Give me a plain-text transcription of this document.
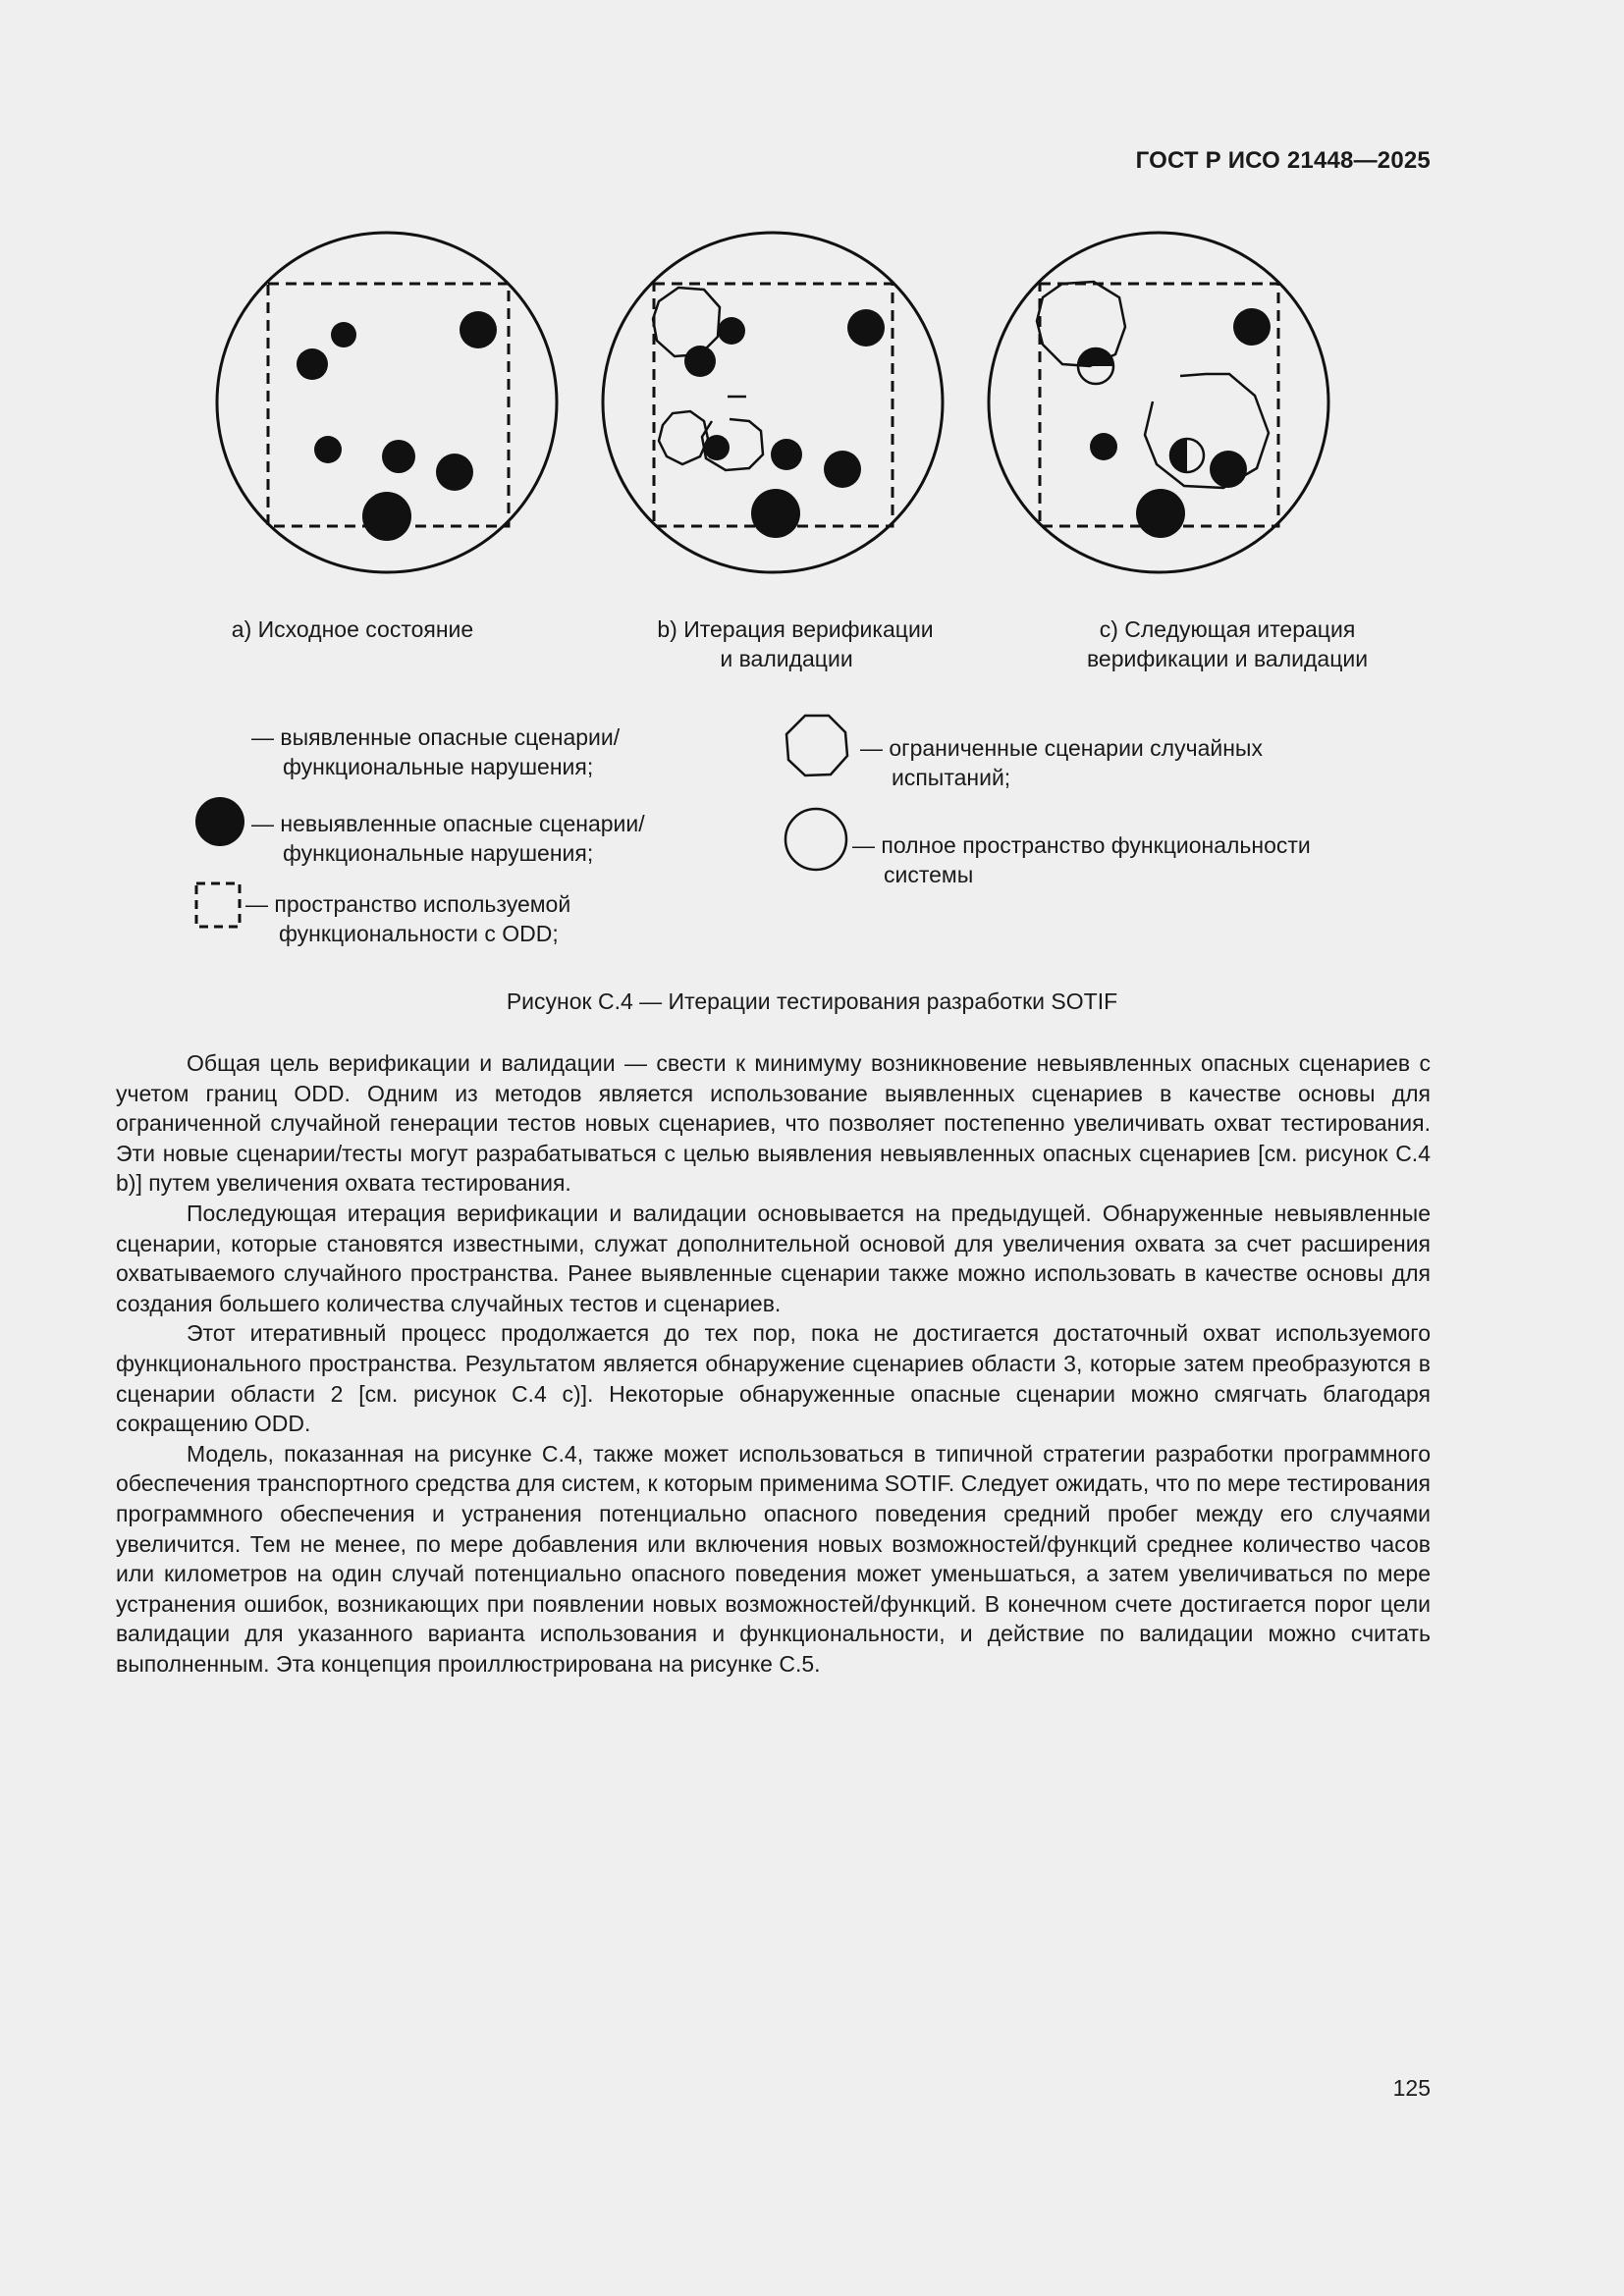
ГОСТ Р ИСО 21448—2025
a) Исходное состояние	b) Итерация верификации
и валидации
c) Следующая итерация
верификации и валидации
— выявленные опасные сценарии/
функциональные нарушения;
— невыявленные опасные сценарии/
функциональные нарушения;
— пространство используемой
функциональности с ODD;
— ограниченные сценарии случайных
испытаний;
— полное пространство функциональности
системы
Рисунок С.4 — Итерации тестирования разработки SOTIF

Общая цель верификации и валидации — свести к минимуму возникновение невыявленных опасных сценариев с учетом границ ODD. Одним из методов является использование выявленных сценариев в качестве основы для ограниченной случайной генерации тестов новых сценариев, что позволяет постепенно увеличивать охват тестирования. Эти новые сценарии/тесты могут разрабатываться с целью выявления невыявленных опасных сценариев [см. рисунок С.4 b)] путем увеличения охвата тестирования.

Последующая итерация верификации и валидации основывается на предыдущей. Обнаруженные невыявленные сценарии, которые становятся известными, служат дополнительной основой для увеличения охвата за счет расширения охватываемого случайного пространства. Ранее выявленные сценарии также можно использовать в качестве основы для создания большего количества случайных тестов и сценариев.

Этот итеративный процесс продолжается до тех пор, пока не достигается достаточный охват используемого функционального пространства. Результатом является обнаружение сценариев области 3, которые затем преобразуются в сценарии области 2 [см. рисунок С.4 с)]. Некоторые обнаруженные опасные сценарии можно смягчать благодаря сокращению ODD.

Модель, показанная на рисунке С.4, также может использоваться в типичной стратегии разработки программного обеспечения транспортного средства для систем, к которым применима SOTIF. Следует ожидать, что по мере тестирования программного обеспечения и устранения потенциально опасного поведения средний пробег между его случаями увеличится. Тем не менее, по мере добавления или включения новых возможностей/функций среднее количество часов или километров на один случай потенциально опасного поведения может уменьшаться, а затем увеличиваться по мере устранения ошибок, возникающих при появлении новых возможностей/функций. В конечном счете достигается порог цели валидации для указанного варианта использования и функциональности, и действие по валидации можно считать выполненным. Эта концепция проиллюстрирована на рисунке С.5.

125
